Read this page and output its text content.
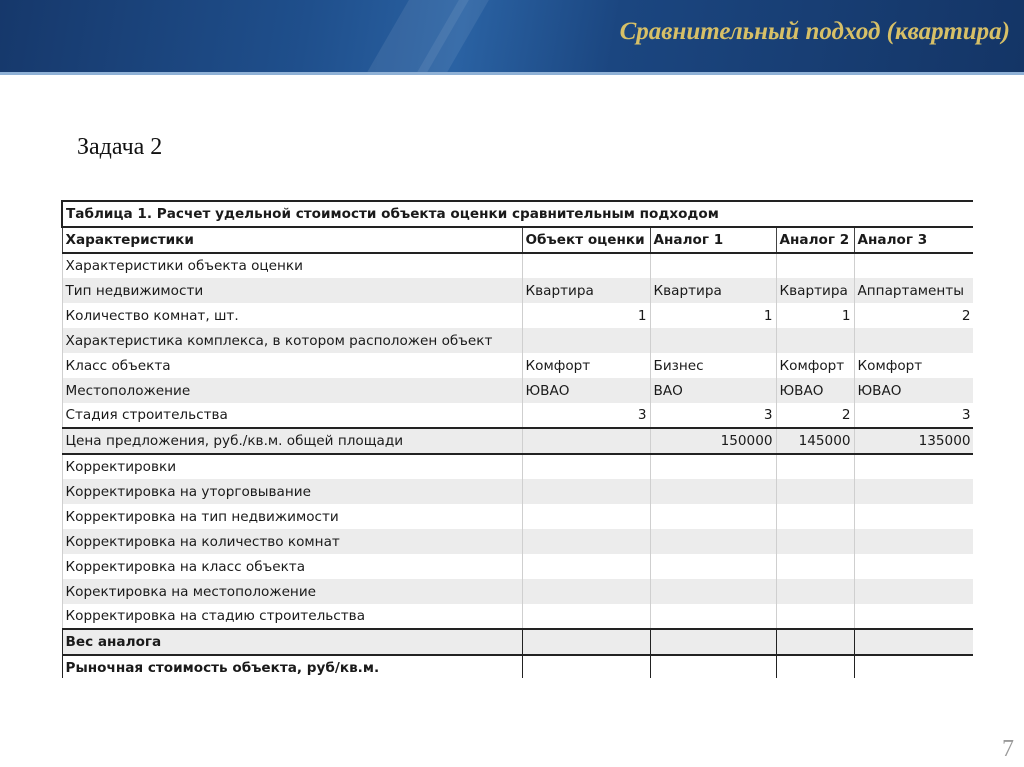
Сравнительный подход (квартира)
Задача 2
Таблица 1. Расчет удельной стоимости объекта оценки сравнительным подходом				
Характеристики	Объект оценки	Аналог 1	Аналог 2	Аналог 3
Характеристики объекта оценки				
Тип недвижимости	Квартира	Квартира	Квартира	Аппартаменты
Количество комнат, шт.	1	1	1	2
Характеристика комплекса, в котором расположен объект				
Класс объекта	Комфорт	Бизнес	Комфорт	Комфорт
Местоположение	ЮВАО	ВАО	ЮВАО	ЮВАО
Стадия строительства	3	3	2	3
Цена предложения, руб./кв.м. общей площади		150000	145000	135000
Корректировки				
Корректировка на уторговывание				
Корректировка на тип недвижимости				
Корректировка на количество комнат				
Корректировка на класс объекта				
Коректировка на местоположение				
Корректировка на стадию строительства				
Вес аналога				
Рыночная стоимость объекта, руб/кв.м.				
7
